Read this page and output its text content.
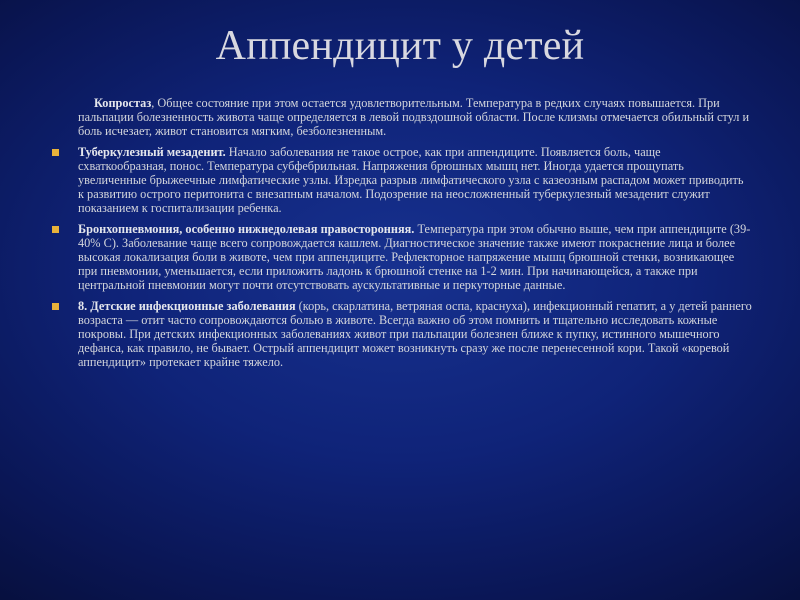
Аппендицит у детей

Копростаз, Общее состояние при этом остается удовлетворительным. Температура в редких случаях повышается. При пальпации болезненность живота чаще определяется в левой подвздошной области. После клизмы отмечается обильный стул и боль исчезает, живот становится мягким, безболезненным.

Туберкулезный мезаденит. Начало заболевания не такое острое, как при аппендиците. Появляется боль, чаще схваткообразная, понос. Температура субфебрильная. Напряжения брюшных мышц нет. Иногда удается прощупать увеличенные брыжеечные лимфатические узлы. Изредка разрыв лимфатического узла с казеозным распадом может приводить к развитию острого перитонита с внезапным началом. Подозрение на неосложненный туберкулезный мезаденит служит показанием к госпитализации ребенка.

Бронхопневмония, особенно нижнедолевая правосторонняя. Температура при этом обычно выше, чем при аппендиците (39-40% С). Заболевание чаще всего сопровождается кашлем. Диагностическое значение также имеют покраснение лица и более высокая локализация боли в животе, чем при аппендиците. Рефлекторное напряжение мышц брюшной стенки, возникающее при пневмонии, уменьшается, если приложить ладонь к брюшной стенке на 1-2 мин. При начинающейся, а также при центральной пневмонии могут почти отсутствовать аускультативные и перкуторные данные.

8. Детские инфекционные заболевания (корь, скарлатина, ветряная оспа, краснуха), инфекционный гепатит, а у детей раннего возраста — отит часто сопровождаются болью в животе. Всегда важно об этом помнить и тщательно исследовать кожные покровы. При детских инфекционных заболеваниях живот при пальпации болезнен ближе к пупку, истинного мышечного дефанса, как правило, не бывает. Острый аппендицит может возникнуть сразу же после перенесенной кори. Такой «коревой аппендицит» протекает крайне тяжело.
